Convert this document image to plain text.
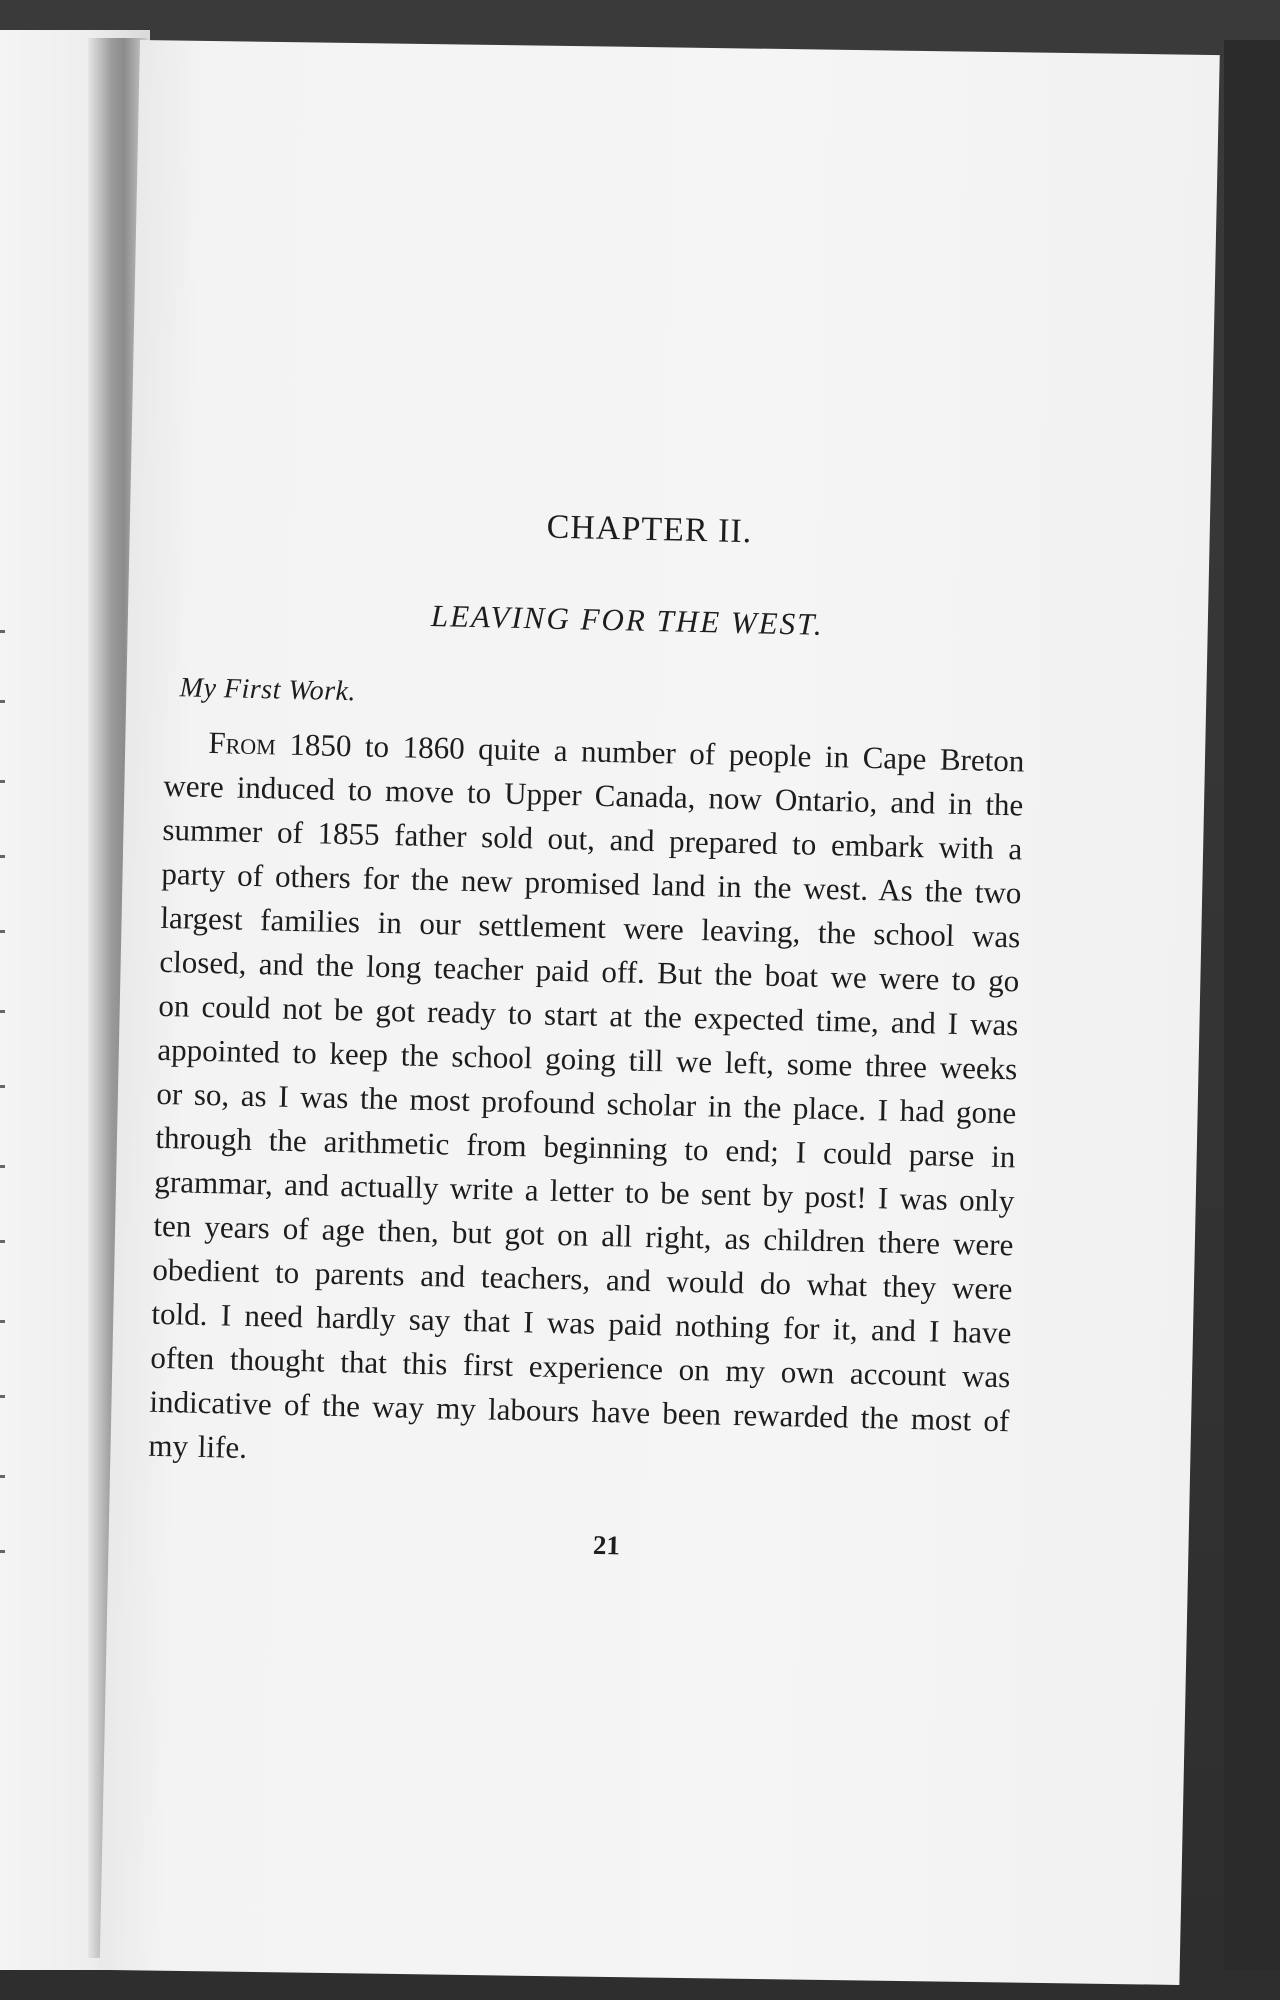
CHAPTER II.
LEAVING FOR THE WEST.
My First Work.

From 1850 to 1860 quite a number of people in Cape Breton were induced to move to Upper Canada, now Ontario, and in the summer of 1855 father sold out, and prepared to embark with a party of others for the new promised land in the west. As the two largest families in our settlement were leaving, the school was closed, and the long teacher paid off. But the boat we were to go on could not be got ready to start at the expected time, and I was appointed to keep the school going till we left, some three weeks or so, as I was the most profound scholar in the place. I had gone through the arithmetic from beginning to end; I could parse in grammar, and actually write a letter to be sent by post! I was only ten years of age then, but got on all right, as children there were obedient to parents and teachers, and would do what they were told. I need hardly say that I was paid nothing for it, and I have often thought that this first experience on my own account was indicative of the way my labours have been rewarded the most of my life.

21
